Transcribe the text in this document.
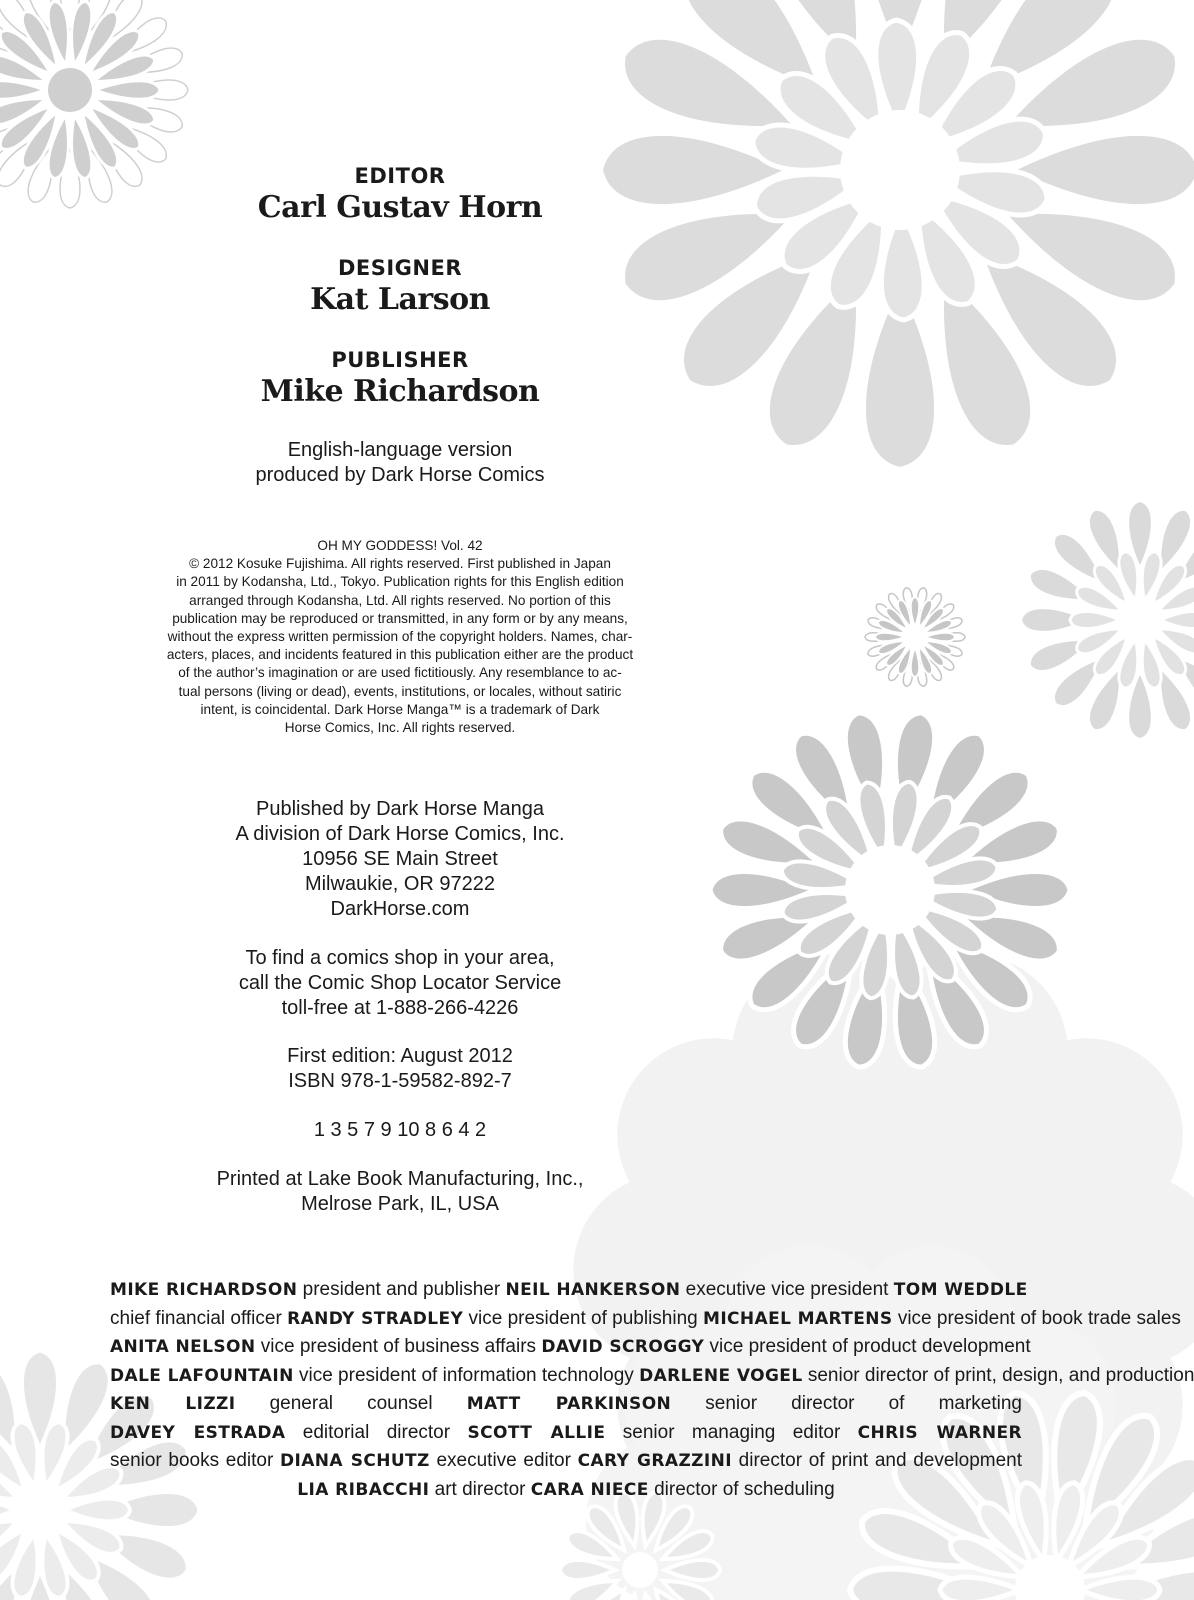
EDITOR
Carl Gustav Horn
DESIGNER
Kat Larson
PUBLISHER
Mike Richardson
English-language version
produced by Dark Horse Comics
OH MY GODDESS! Vol. 42
© 2012 Kosuke Fujishima. All rights reserved. First published in Japan
in 2011 by Kodansha, Ltd., Tokyo. Publication rights for this English edition
arranged through Kodansha, Ltd. All rights reserved. No portion of this
publication may be reproduced or transmitted, in any form or by any means,
without the express written permission of the copyright holders. Names, char-
acters, places, and incidents featured in this publication either are the product
of the author’s imagination or are used fictitiously. Any resemblance to ac-
tual persons (living or dead), events, institutions, or locales, without satiric
intent, is coincidental. Dark Horse Manga™ is a trademark of Dark
Horse Comics, Inc. All rights reserved.
Published by Dark Horse Manga
A division of Dark Horse Comics, Inc.
10956 SE Main Street
Milwaukie, OR 97222
DarkHorse.com
To find a comics shop in your area,
call the Comic Shop Locator Service
toll-free at 1-888-266-4226
First edition: August 2012
ISBN 978-1-59582-892-7
1 3 5 7 9 10 8 6 4 2
Printed at Lake Book Manufacturing, Inc.,
Melrose Park, IL, USA
MIKE RICHARDSON president and publisher NEIL HANKERSON executive vice president TOM WEDDLE
chief financial officer RANDY STRADLEY vice president of publishing MICHAEL MARTENS vice president of book trade sales
ANITA NELSON vice president of business affairs DAVID SCROGGY vice president of product development
DALE LAFOUNTAIN vice president of information technology DARLENE VOGEL senior director of print, design, and production
KEN LIZZI general counsel MATT PARKINSON senior director of marketing
DAVEY ESTRADA editorial director SCOTT ALLIE senior managing editor CHRIS WARNER
senior books editor DIANA SCHUTZ executive editor CARY GRAZZINI director of print and development
LIA RIBACCHI art director CARA NIECE director of scheduling
